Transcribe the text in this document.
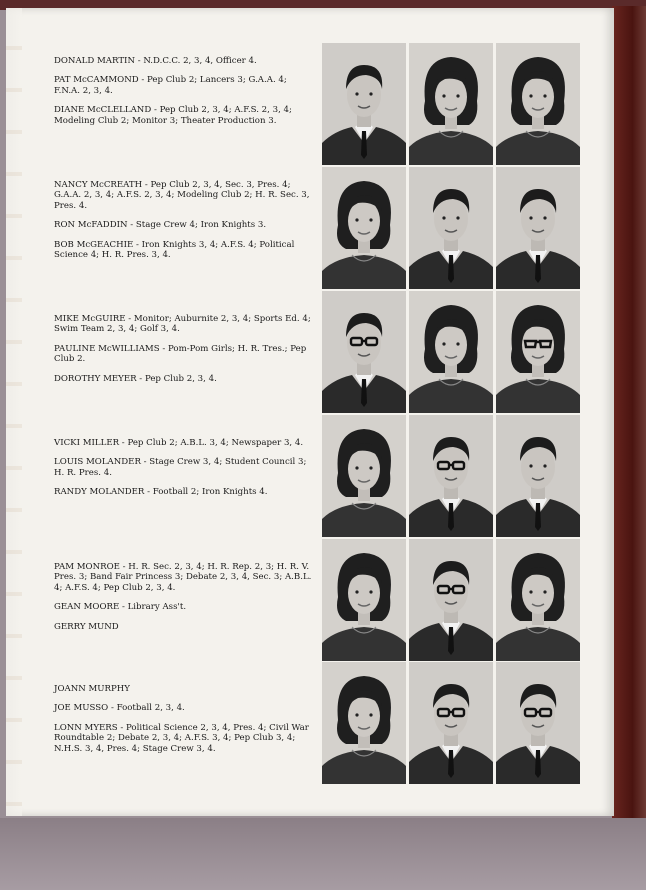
DONALD MARTIN - N.D.C.C. 2, 3, 4, Officer 4.

PAT McCAMMOND - Pep Club 2; Lancers 3; G.A.A. 4; F.N.A. 2, 3, 4.

DIANE McCLELLAND - Pep Club 2, 3, 4; A.F.S. 2, 3, 4; Modeling Club 2; Monitor 3; Theater Production 3.

NANCY McCREATH - Pep Club 2, 3, 4, Sec. 3, Pres. 4; G.A.A. 2, 3, 4; A.F.S. 2, 3, 4; Modeling Club 2; H. R. Sec. 3, Pres. 4.

RON McFADDIN - Stage Crew 4; Iron Knights 3.

BOB McGEACHIE - Iron Knights 3, 4; A.F.S. 4; Political Science 4; H. R. Pres. 3, 4.

MIKE McGUIRE - Monitor; Auburnite 2, 3, 4; Sports Ed. 4; Swim Team 2, 3, 4; Golf 3, 4.

PAULINE McWILLIAMS - Pom-Pom Girls; H. R. Tres.; Pep Club 2.

DOROTHY MEYER - Pep Club 2, 3, 4.

VICKI MILLER - Pep Club 2; A.B.L. 3, 4; Newspaper 3, 4.

LOUIS MOLANDER - Stage Crew 3, 4; Student Council 3; H. R. Pres. 4.

RANDY MOLANDER - Football 2; Iron Knights 4.

PAM MONROE - H. R. Sec. 2, 3, 4; H. R. Rep. 2, 3; H. R. V. Pres. 3; Band Fair Princess 3; Debate 2, 3, 4, Sec. 3; A.B.L. 4; A.F.S. 4; Pep Club 2, 3, 4.

GEAN MOORE - Library Ass't.

GERRY MUND

JOANN MURPHY

JOE MUSSO - Football 2, 3, 4.

LONN MYERS - Political Science 2, 3, 4, Pres. 4; Civil War Roundtable 2; Debate 2, 3, 4; A.F.S. 3, 4; Pep Club 3, 4; N.H.S. 3, 4, Pres. 4; Stage Crew 3, 4.
